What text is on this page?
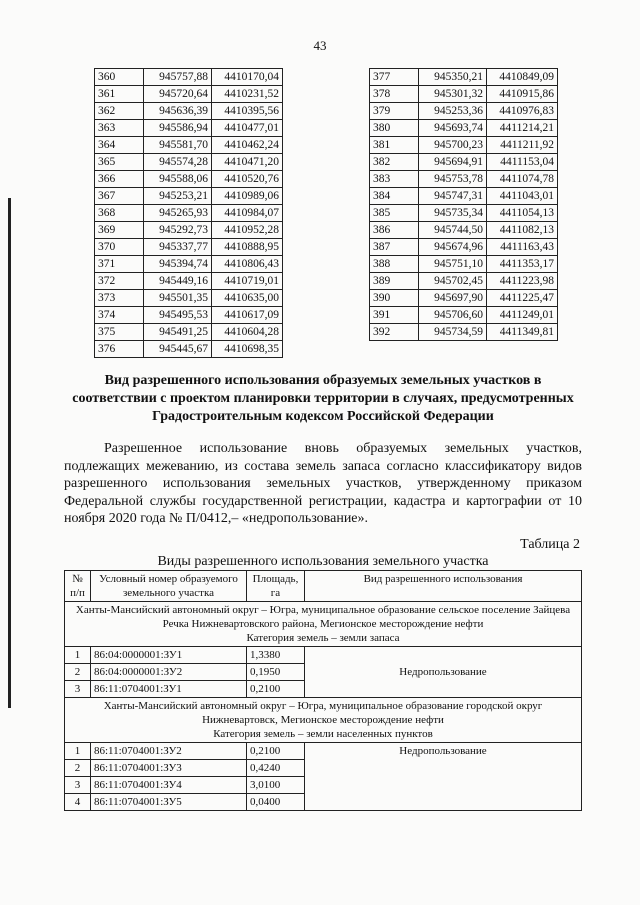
43
360	945757,88	4410170,04
361	945720,64	4410231,52
362	945636,39	4410395,56
363	945586,94	4410477,01
364	945581,70	4410462,24
365	945574,28	4410471,20
366	945588,06	4410520,76
367	945253,21	4410989,06
368	945265,93	4410984,07
369	945292,73	4410952,28
370	945337,77	4410888,95
371	945394,74	4410806,43
372	945449,16	4410719,01
373	945501,35	4410635,00
374	945495,53	4410617,09
375	945491,25	4410604,28
376	945445,67	4410698,35
377	945350,21	4410849,09
378	945301,32	4410915,86
379	945253,36	4410976,83
380	945693,74	4411214,21
381	945700,23	4411211,92
382	945694,91	4411153,04
383	945753,78	4411074,78
384	945747,31	4411043,01
385	945735,34	4411054,13
386	945744,50	4411082,13
387	945674,96	4411163,43
388	945751,10	4411353,17
389	945702,45	4411223,98
390	945697,90	4411225,47
391	945706,60	4411249,01
392	945734,59	4411349,81
Вид разрешенного использования образуемых земельных участков в соответствии с проектом планировки территории в случаях, предусмотренных Градостроительным кодексом Российской Федерации
Разрешенное использование вновь образуемых земельных участков, подлежащих межеванию, из состава земель запаса согласно классификатору видов разрешенного использования земельных участков, утвержденному приказом Федеральной службы государственной регистрации, кадастра и картографии от 10 ноября 2020 года № П/0412,– «недропользование».
Таблица 2
Виды разрешенного использования земельного участка
№ п/п	Условный номер образуемого земельного участка	Площадь, га	Вид разрешенного использования

Ханты-Мансийский автономный округ – Югра, муниципальное образование сельское поселение Зайцева Речка Нижневартовского района, Мегионское месторождение нефти
Категория земель – земли запаса			

1	86:04:0000001:ЗУ1	1,3380	Недропользование
2	86:04:0000001:ЗУ2	0,1950	
3	86:11:0704001:ЗУ1	0,2100	

Ханты-Мансийский автономный округ – Югра, муниципальное образование городской округ Нижневартовск, Мегионское месторождение нефти
Категория земель – земли населенных пунктов			

1	86:11:0704001:ЗУ2	0,2100	Недропользование
2	86:11:0704001:ЗУ3	0,4240	
3	86:11:0704001:ЗУ4	3,0100	
4	86:11:0704001:ЗУ5	0,0400	
